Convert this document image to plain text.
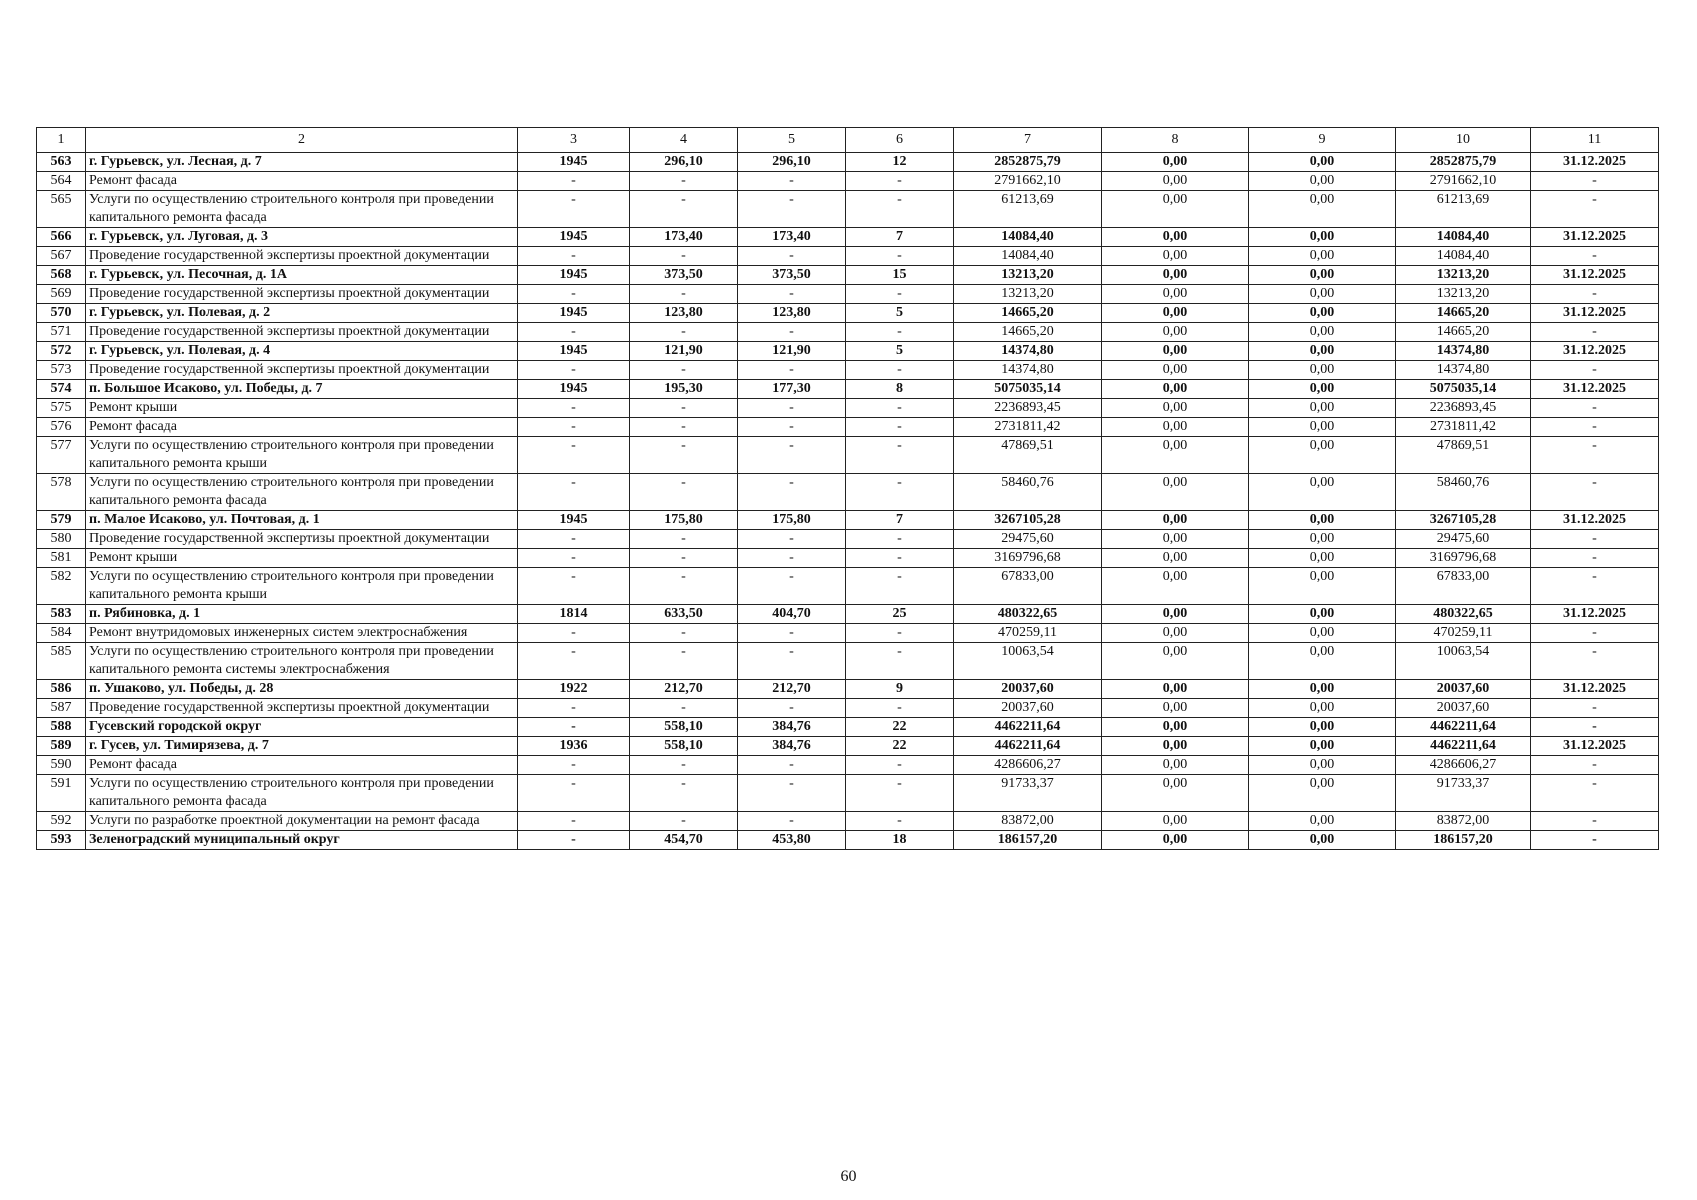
1	2	3	4	5	6	7	8	9	10	11
563	г. Гурьевск, ул. Лесная, д. 7	1945	296,10	296,10	12	2852875,79	0,00	0,00	2852875,79	31.12.2025
564	Ремонт фасада	-	-	-	-	2791662,10	0,00	0,00	2791662,10	-
565	Услуги по осуществлению строительного контроля при проведении капитального ремонта фасада	-	-	-	-	61213,69	0,00	0,00	61213,69	-
566	г. Гурьевск, ул. Луговая, д. 3	1945	173,40	173,40	7	14084,40	0,00	0,00	14084,40	31.12.2025
567	Проведение государственной экспертизы проектной документации	-	-	-	-	14084,40	0,00	0,00	14084,40	-
568	г. Гурьевск, ул. Песочная, д. 1А	1945	373,50	373,50	15	13213,20	0,00	0,00	13213,20	31.12.2025
569	Проведение государственной экспертизы проектной документации	-	-	-	-	13213,20	0,00	0,00	13213,20	-
570	г. Гурьевск, ул. Полевая, д. 2	1945	123,80	123,80	5	14665,20	0,00	0,00	14665,20	31.12.2025
571	Проведение государственной экспертизы проектной документации	-	-	-	-	14665,20	0,00	0,00	14665,20	-
572	г. Гурьевск, ул. Полевая, д. 4	1945	121,90	121,90	5	14374,80	0,00	0,00	14374,80	31.12.2025
573	Проведение государственной экспертизы проектной документации	-	-	-	-	14374,80	0,00	0,00	14374,80	-
574	п. Большое Исаково, ул. Победы, д. 7	1945	195,30	177,30	8	5075035,14	0,00	0,00	5075035,14	31.12.2025
575	Ремонт крыши	-	-	-	-	2236893,45	0,00	0,00	2236893,45	-
576	Ремонт фасада	-	-	-	-	2731811,42	0,00	0,00	2731811,42	-
577	Услуги по осуществлению строительного контроля при проведении капитального ремонта крыши	-	-	-	-	47869,51	0,00	0,00	47869,51	-
578	Услуги по осуществлению строительного контроля при проведении капитального ремонта фасада	-	-	-	-	58460,76	0,00	0,00	58460,76	-
579	п. Малое Исаково, ул. Почтовая, д. 1	1945	175,80	175,80	7	3267105,28	0,00	0,00	3267105,28	31.12.2025
580	Проведение государственной экспертизы проектной документации	-	-	-	-	29475,60	0,00	0,00	29475,60	-
581	Ремонт крыши	-	-	-	-	3169796,68	0,00	0,00	3169796,68	-
582	Услуги по осуществлению строительного контроля при проведении капитального ремонта крыши	-	-	-	-	67833,00	0,00	0,00	67833,00	-
583	п. Рябиновка, д. 1	1814	633,50	404,70	25	480322,65	0,00	0,00	480322,65	31.12.2025
584	Ремонт внутридомовых инженерных систем электроснабжения	-	-	-	-	470259,11	0,00	0,00	470259,11	-
585	Услуги по осуществлению строительного контроля при проведении капитального ремонта системы электроснабжения	-	-	-	-	10063,54	0,00	0,00	10063,54	-
586	п. Ушаково, ул. Победы, д. 28	1922	212,70	212,70	9	20037,60	0,00	0,00	20037,60	31.12.2025
587	Проведение государственной экспертизы проектной документации	-	-	-	-	20037,60	0,00	0,00	20037,60	-
588	Гусевский городской округ	-	558,10	384,76	22	4462211,64	0,00	0,00	4462211,64	-
589	г. Гусев, ул. Тимирязева, д. 7	1936	558,10	384,76	22	4462211,64	0,00	0,00	4462211,64	31.12.2025
590	Ремонт фасада	-	-	-	-	4286606,27	0,00	0,00	4286606,27	-
591	Услуги по осуществлению строительного контроля при проведении капитального ремонта фасада	-	-	-	-	91733,37	0,00	0,00	91733,37	-
592	Услуги по разработке проектной документации на ремонт фасада	-	-	-	-	83872,00	0,00	0,00	83872,00	-
593	Зеленоградский муниципальный округ	-	454,70	453,80	18	186157,20	0,00	0,00	186157,20	-
60
